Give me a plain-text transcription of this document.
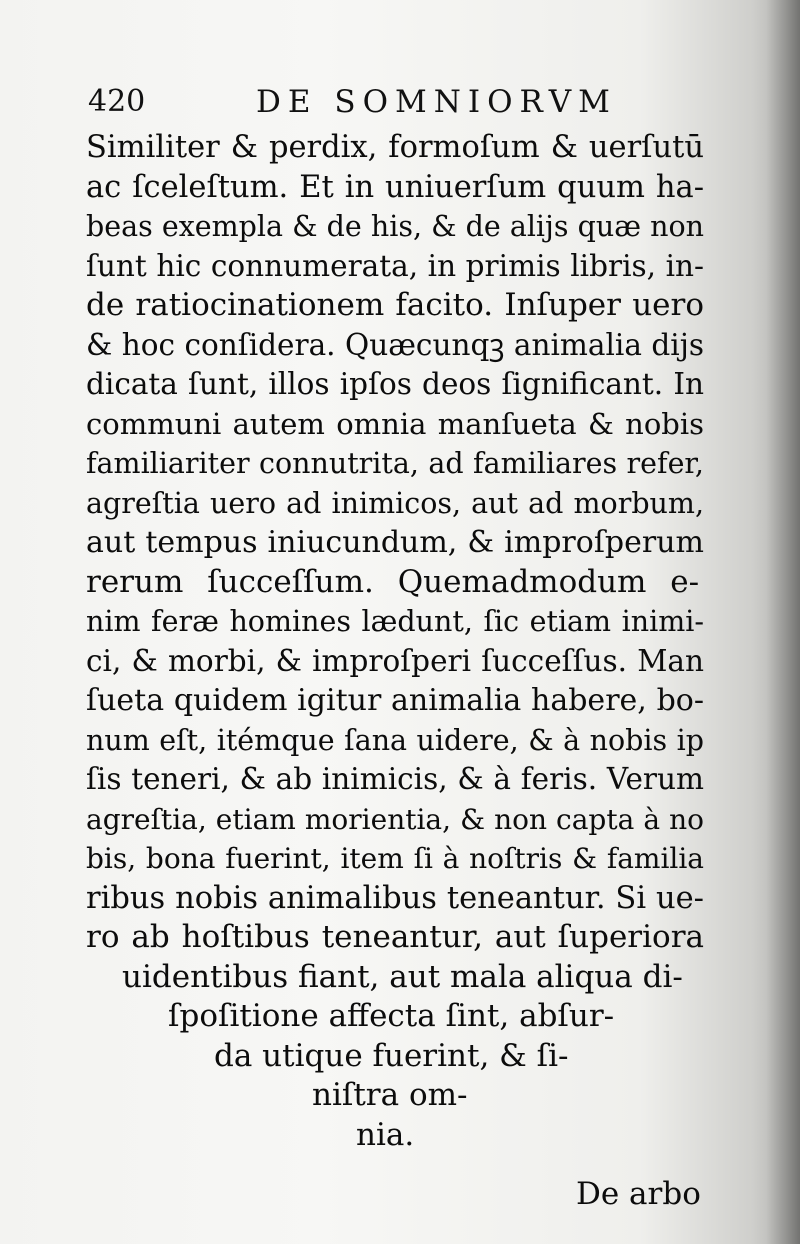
420	DE SOMNIORVM
Similiter & perdix, formoſum & uerſutū
ac ſceleſtum. Et in uniuerſum quum ha-
beas exempla & de his, & de alijs quæ non
ſunt hic connumerata, in primis libris, in-
de ratiocinationem facito. Inſuper uero
& hoc conſidera. Quæcunqꝫ animalia dijs
dicata ſunt, illos ipſos deos ſignificant. In
communi autem omnia manſueta & nobis
familiariter connutrita, ad familiares refer,
agreſtia uero ad inimicos, aut ad morbum,
aut tempus iniucundum, & improſperum
rerum ſucceſſum. Quemadmodum e-
nim feræ homines lædunt, ſic etiam inimi-
ci, & morbi, & improſperi ſucceſſus. Man
ſueta quidem igitur animalia habere, bo-
num eſt, itémque ſana uidere, & à nobis ip
ſis teneri, & ab inimicis, & à feris. Verum
agreſtia, etiam morientia, & non capta à no
bis, bona fuerint, item ſi à noſtris & familia
ribus nobis animalibus teneantur. Si ue-
ro ab hoſtibus teneantur, aut ſuperiora
uidentibus fiant, aut mala aliqua di-
ſpoſitione affecta ſint, abſur-
da utique fuerint, & ſi-
niſtra om-
nia.
De arbo
